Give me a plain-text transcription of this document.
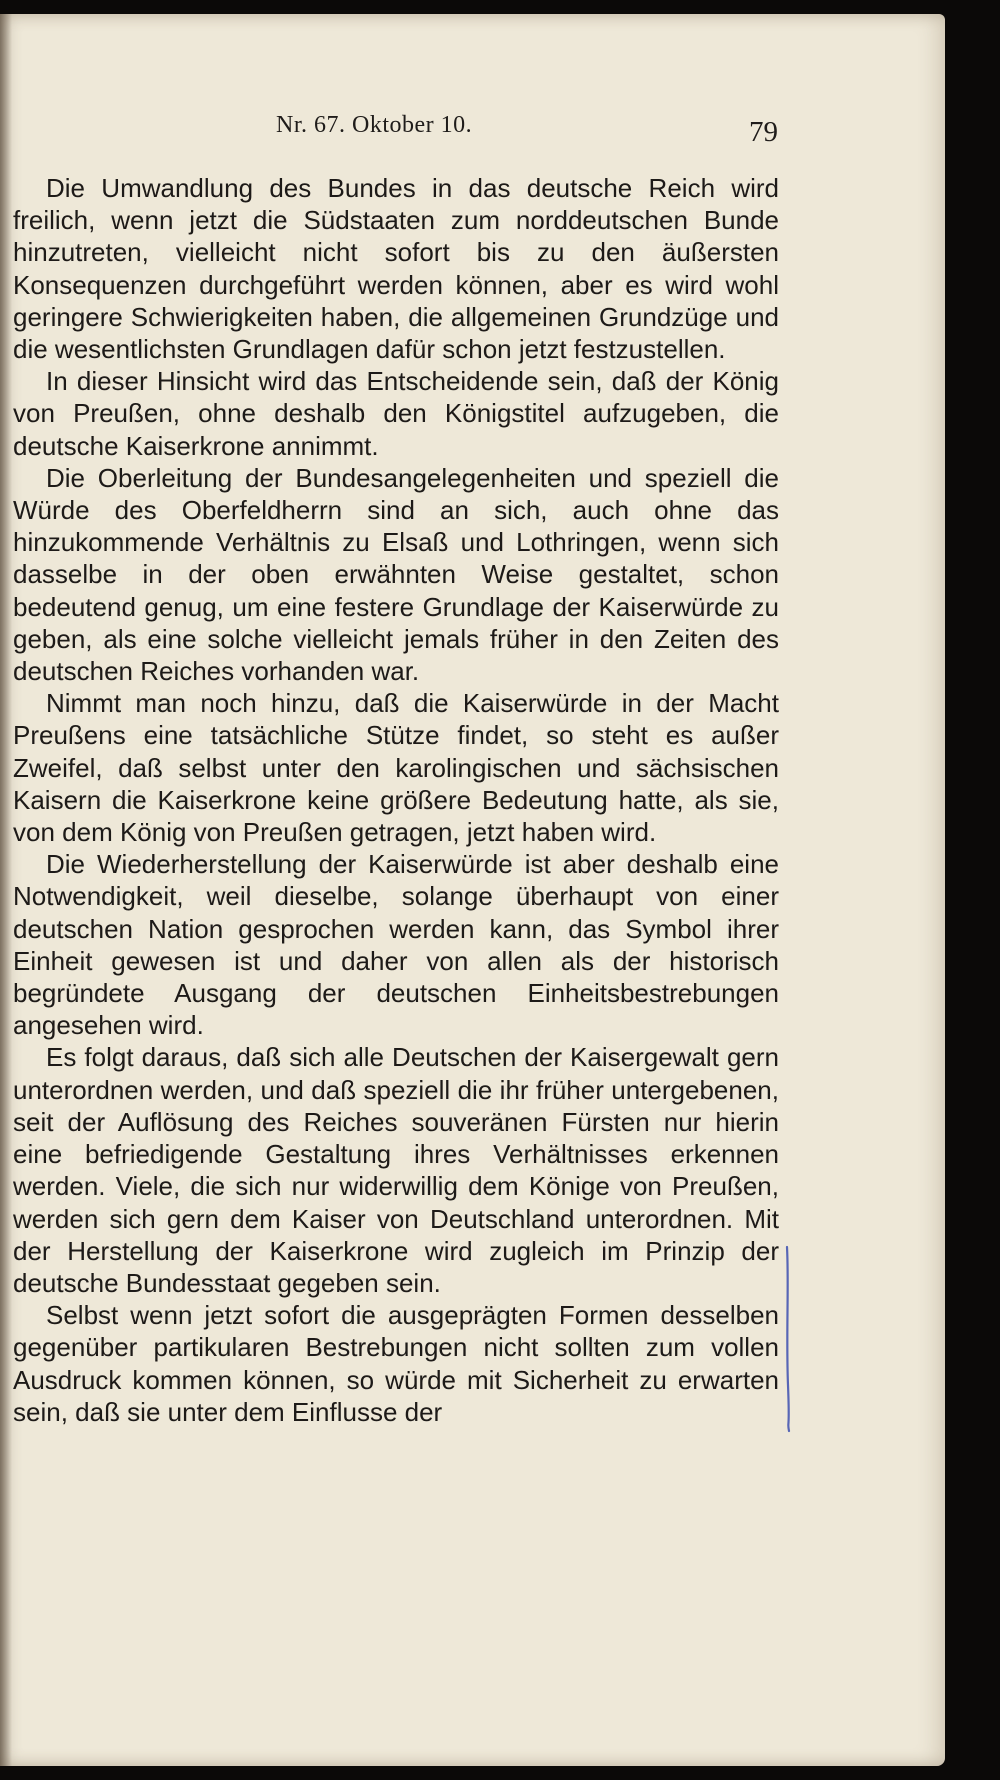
Nr. 67. Oktober 10.	79

Die Umwandlung des Bundes in das deutsche Reich wird freilich, wenn jetzt die Südstaaten zum norddeutschen Bunde hinzutreten, vielleicht nicht sofort bis zu den äußersten Konsequenzen durchgeführt werden können, aber es wird wohl geringere Schwierigkeiten haben, die allgemeinen Grundzüge und die wesentlichsten Grundlagen dafür schon jetzt festzustellen.

In dieser Hinsicht wird das Entscheidende sein, daß der König von Preußen, ohne deshalb den Königstitel aufzugeben, die deutsche Kaiserkrone annimmt.

Die Oberleitung der Bundesangelegenheiten und speziell die Würde des Oberfeldherrn sind an sich, auch ohne das hinzukommende Verhältnis zu Elsaß und Lothringen, wenn sich dasselbe in der oben erwähnten Weise gestaltet, schon bedeutend genug, um eine festere Grundlage der Kaiserwürde zu geben, als eine solche vielleicht jemals früher in den Zeiten des deutschen Reiches vorhanden war.

Nimmt man noch hinzu, daß die Kaiserwürde in der Macht Preußens eine tatsächliche Stütze findet, so steht es außer Zweifel, daß selbst unter den karolingischen und sächsischen Kaisern die Kaiserkrone keine größere Bedeutung hatte, als sie, von dem König von Preußen getragen, jetzt haben wird.

Die Wiederherstellung der Kaiserwürde ist aber deshalb eine Notwendigkeit, weil dieselbe, solange überhaupt von einer deutschen Nation gesprochen werden kann, das Symbol ihrer Einheit gewesen ist und daher von allen als der historisch begründete Ausgang der deutschen Einheitsbestrebungen angesehen wird.

Es folgt daraus, daß sich alle Deutschen der Kaisergewalt gern unterordnen werden, und daß speziell die ihr früher untergebenen, seit der Auflösung des Reiches souveränen Fürsten nur hierin eine befriedigende Gestaltung ihres Verhältnisses erkennen werden. Viele, die sich nur widerwillig dem Könige von Preußen, werden sich gern dem Kaiser von Deutschland unterordnen. Mit der Herstellung der Kaiserkrone wird zugleich im Prinzip der deutsche Bundesstaat gegeben sein.

Selbst wenn jetzt sofort die ausgeprägten Formen desselben gegenüber partikularen Bestrebungen nicht sollten zum vollen Ausdruck kommen können, so würde mit Sicherheit zu erwarten sein, daß sie unter dem Einflusse der
